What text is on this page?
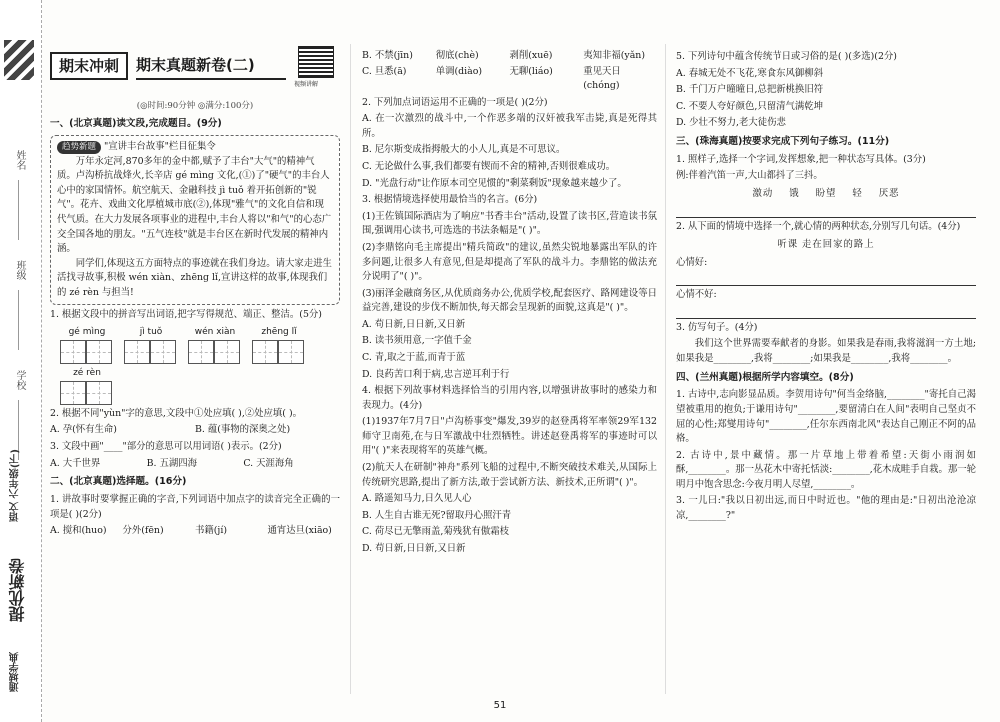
姓名
班级
学校
语文 六年级(下)
提优新卷
通城学典
期末冲刺	期末真题新卷(二)
视频讲解
(◎时间:90分钟 ◎满分:100分)
一、(北京真题)读文段,完成题目。(9分)
趋势新题 "宣讲丰台故事"栏目征集令
万年永定河,870多年的金中都,赋予了丰台"大气"的精神气质。卢沟桥抗战烽火,长辛店 gé mìng 文化,(①)了"硬气"的丰台人心中的家国情怀。航空航天、金融科技 jì tuǒ 着开拓创新的"锐气"。花卉、戏曲文化厚植城市底(②),体现"雅气"的文化自信和现代气质。在大力发展各项事业的进程中,丰台人将以"和气"的心态广交全国各地的朋友。"五气连枝"就是丰台区在新时代发展的精神内涵。
同学们,体现这五方面特点的事迹就在我们身边。请大家走进生活找寻故事,积极 wén xiàn、zhēng lǐ,宣讲这样的故事,体现我们的 zé rèn 与担当!
1. 根据文段中的拼音写出词语,把字写得规范、端正、整洁。(5分)
gé mìng	jì tuǒ	wén xiàn	zhēng lǐ
zé rèn
2. 根据不同"yùn"字的意思,文段中①处应填( ),②处应填( )。
A. 孕(怀有生命)	B. 蕴(事物的深奥之处)
3. 文段中画"____"部分的意思可以用词语( )表示。(2分)
A. 大千世界	B. 五湖四海	C. 天涯海角
二、(北京真题)选择题。(16分)
1. 讲故事时要掌握正确的字音,下列词语中加点字的读音完全正确的一项是( )(2分)
A. 搅和(huo)	分外(fēn)	书籍(jí)	通宵达旦(xiāo)
B. 不禁(jīn)	彻底(chè)	剥削(xuē)	夷知非福(yǎn)
C. 旦悉(ā)	单调(diào)	无聊(liáo)	重见天日(chóng)
2. 下列加点词语运用不正确的一项是( )(2分)
A. 在一次激烈的战斗中,一个作恶多端的汉奸被我军击毙,真是死得其所。
B. 尼尔斯变成指拇般大的小人儿,真是不可思议。
C. 无论做什么事,我们都要有锲而不舍的精神,否则很难成功。
D. "光盘行动"让作原本司空见惯的"剩菜剩饭"现象越来越少了。
3. 根据情境选择使用最恰当的名言。(6分)
(1)王佐镇国际酒店为了响应"书香丰台"活动,设置了读书区,营造读书氛围,强调用心读书,可选选的书法条幅是"( )"。
(2)李鼎铭向毛主席提出"精兵简政"的建议,虽然尖锐地暴露出军队的许多问题,让很多人有意见,但是却提高了军队的战斗力。李鼎铭的做法充分说明了"( )"。
(3)丽泽金融商务区,从优质商务办公,优质学校,配套医疗、路网建设等日益完善,建设的步伐不断加快,每天都会呈现新的面貌,这真是"( )"。
A. 苟日新,日日新,又日新
B. 读书须用意,一字值千金
C. 青,取之于蓝,而青于蓝
D. 良药苦口利于病,忠言逆耳利于行
4. 根据下列故事材料选择恰当的引用内容,以增强讲故事时的感染力和表现力。(4分)
(1)1937年7月7日"卢沟桥事变"爆发,39岁的赵登禹将军率领29军132师守卫南苑,在与日军激战中壮烈牺牲。讲述赵登禹将军的事迹时可以用"( )"来表现将军的英雄气概。
(2)航天人在研制"神舟"系列飞船的过程中,不断突破技术难关,从国际上传统研究思路,提出了新方法,敢于尝试新方法、新技术,正所谓"( )"。
A. 路遥知马力,日久见人心
B. 人生自古谁无死?留取丹心照汗青
C. 荷尽已无擎雨盖,菊残犹有傲霜枝
D. 苟日新,日日新,又日新
5. 下列诗句中蕴含传统节日或习俗的是( )(多选)(2分)
A. 春城无处不飞花,寒食东风御柳斜
B. 千门万户曈曈日,总把新桃换旧符
C. 不要人夸好颜色,只留清气满乾坤
D. 少壮不努力,老大徒伤悲
三、(珠海真题)按要求完成下列句子练习。(11分)
1. 照样子,选择一个字词,发挥想象,把一种状态写具体。(3分)
例:伴着汽笛一声,大山都抖了三抖。
激动 饿 盼望 轻 厌恶
2. 从下面的情境中选择一个,就心情的两种状态,分别写几句话。(4分)
听课 走在回家的路上
心情好:
心情不好:
3. 仿写句子。(4分)
我们这个世界需要奉献者的身影。如果我是春雨,我将滋润一方土地;如果我是________,我将________;如果我是________,我将________。
四、(兰州真题)根据所学内容填空。(8分)
1. 古诗中,志向影显品质。李贺用诗句"何当金络脑,________"寄托自己渴望被重用的抱负;于谦用诗句"________,要留清白在人间"表明自己坚贞不屈的心性;郑燮用诗句"________,任尔东西南北风"表达自己刚正不阿的品格。
2. 古诗中,景中藏情。那一片草地上带着希望:天街小雨润如酥,________。那一丛花木中寄托恬淡:________,花木成畦手自栽。那一轮明月中饱含思念:今夜月明人尽望,________。
3. 一儿曰:"我以日初出远,而日中时近也。"他的理由是:"日初出沧沧凉凉,________?"
51
